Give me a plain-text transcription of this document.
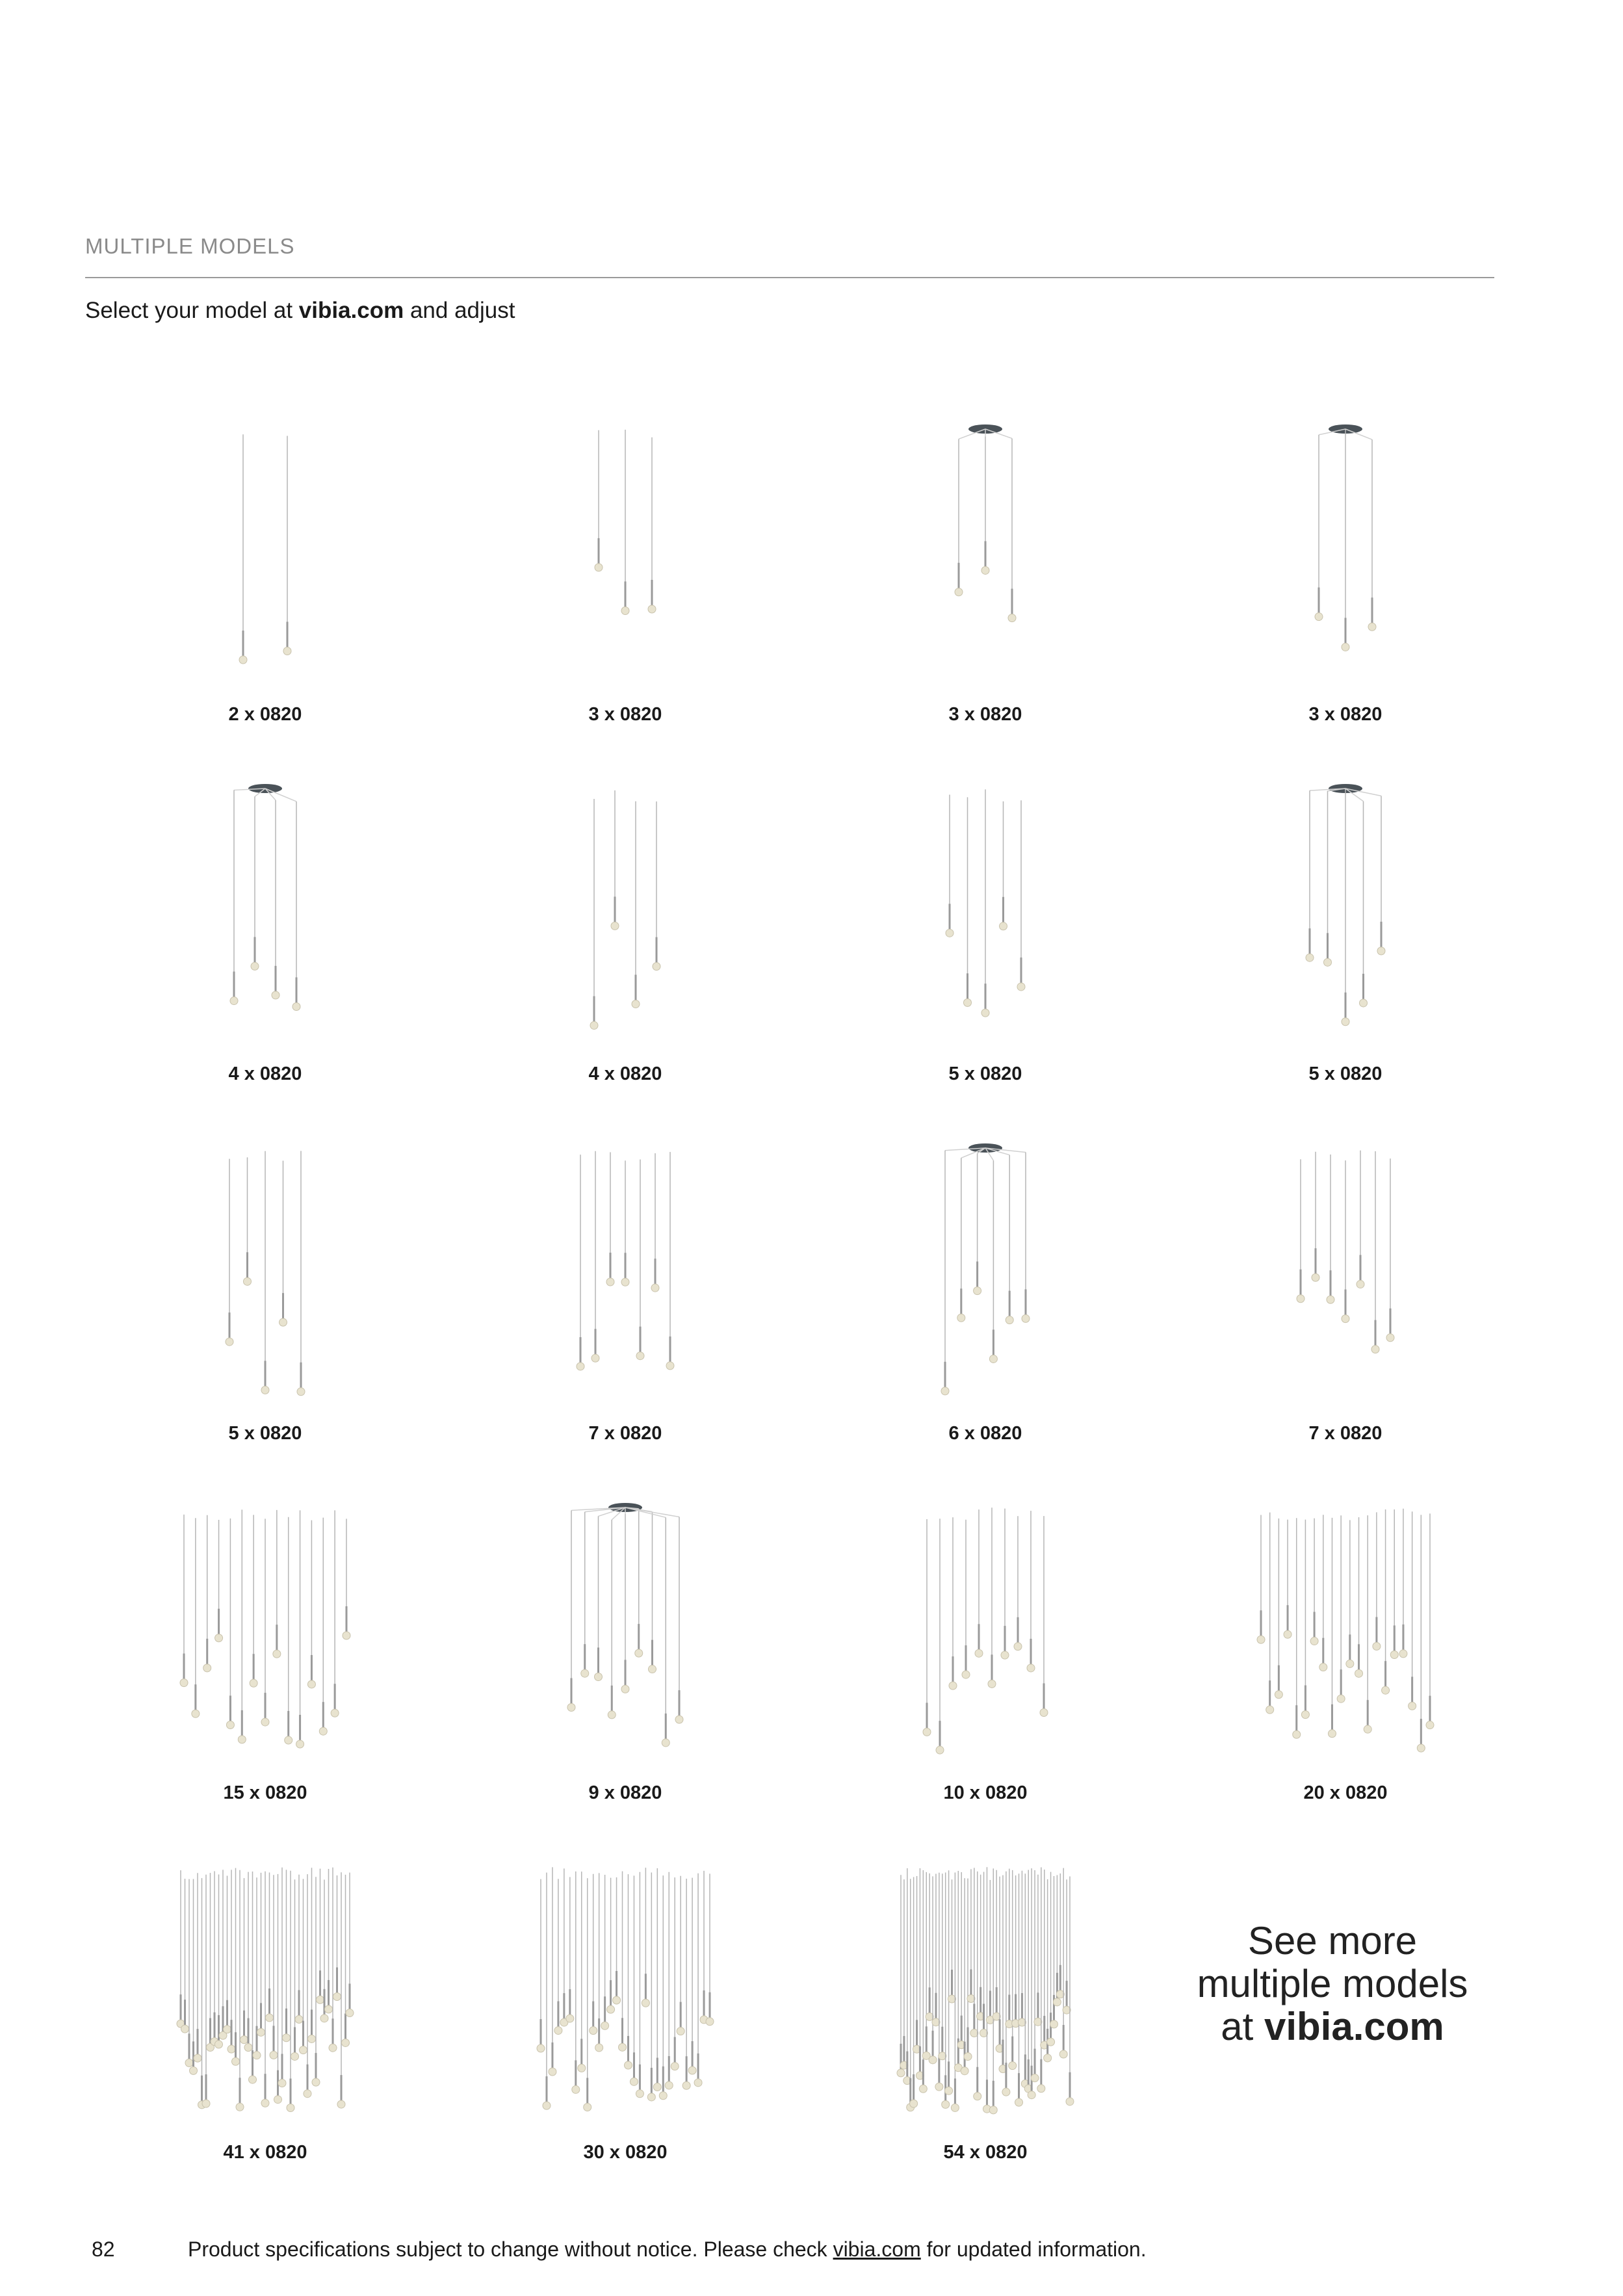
MULTIPLE MODELS
Select your model at vibia.com and adjust
2 x 0820	3 x 0820	3 x 0820	3 x 0820
4 x 0820	4 x 0820	5 x 0820	5 x 0820
5 x 0820	7 x 0820	6 x 0820	7 x 0820
15 x 0820	9 x 0820	10 x 0820	20 x 0820
41 x 0820	30 x 0820	54 x 0820
See more
multiple models
at vibia.com
82	Product specifications subject to change without notice. Please check vibia.com for updated information.
